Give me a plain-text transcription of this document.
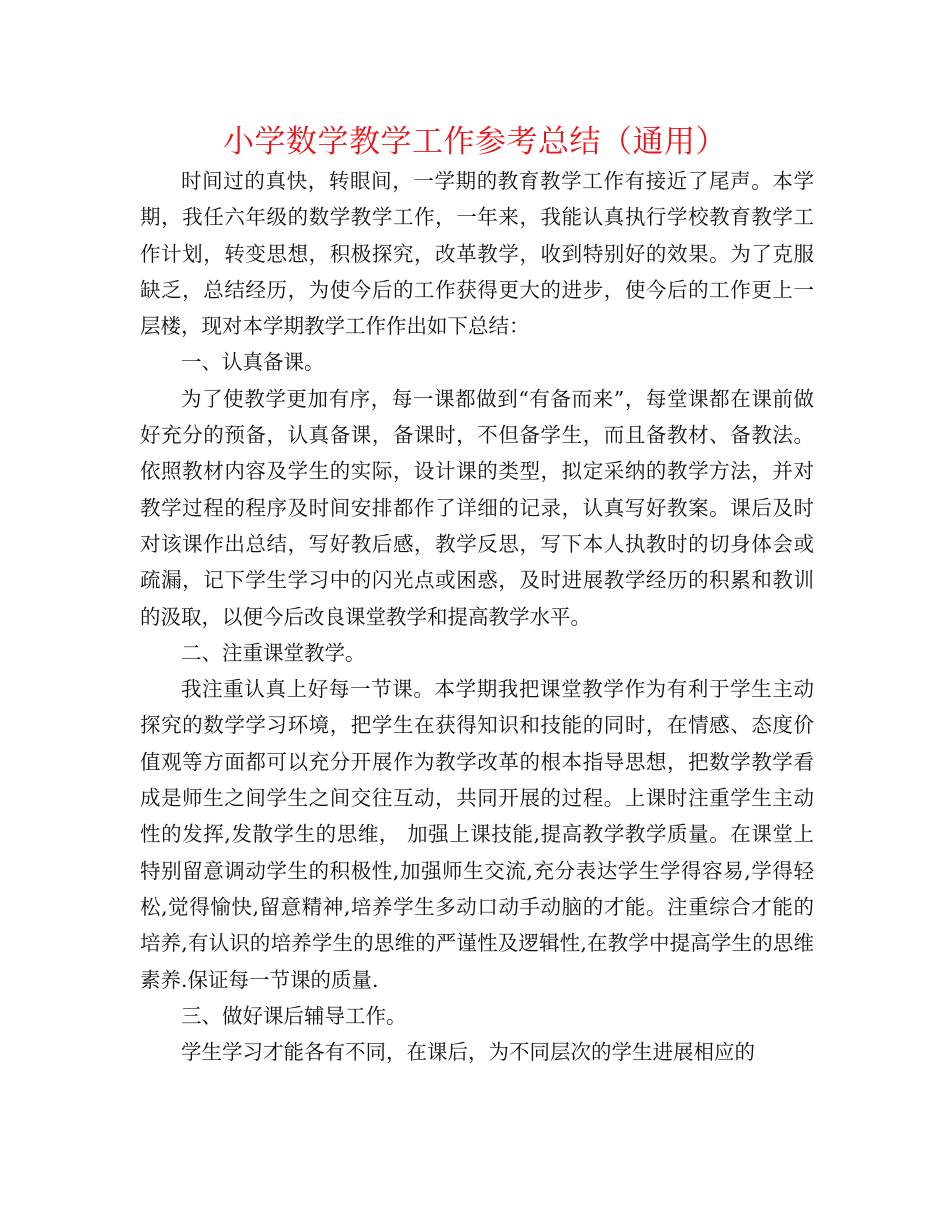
小学数学教学工作参考总结（通用）

时间过的真快，转眼间，一学期的教育教学工作有接近了尾声。本学期，我任六年级的数学教学工作，一年来，我能认真执行学校教育教学工作计划，转变思想，积极探究，改革教学，收到特别好的效果。为了克服缺乏，总结经历，为使今后的工作获得更大的进步，使今后的工作更上一层楼，现对本学期教学工作作出如下总结：

一、认真备课。

为了使教学更加有序，每一课都做到“有备而来”，每堂课都在课前做好充分的预备，认真备课，备课时，不但备学生，而且备教材、备教法。依照教材内容及学生的实际，设计课的类型，拟定采纳的教学方法，并对教学过程的程序及时间安排都作了详细的记录，认真写好教案。课后及时对该课作出总结，写好教后感，教学反思，写下本人执教时的切身体会或疏漏，记下学生学习中的闪光点或困惑，及时进展教学经历的积累和教训的汲取，以便今后改良课堂教学和提高教学水平。

二、注重课堂教学。

我注重认真上好每一节课。本学期我把课堂教学作为有利于学生主动探究的数学学习环境，把学生在获得知识和技能的同时，在情感、态度价值观等方面都可以充分开展作为教学改革的根本指导思想，把数学教学看成是师生之间学生之间交往互动，共同开展的过程。上课时注重学生主动性的发挥,发散学生的思维， 加强上课技能,提高教学教学质量。在课堂上特别留意调动学生的积极性,加强师生交流,充分表达学生学得容易,学得轻松,觉得愉快,留意精神,培养学生多动口动手动脑的才能。注重综合才能的培养,有认识的培养学生的思维的严谨性及逻辑性,在教学中提高学生的思维素养.保证每一节课的质量.

三、做好课后辅导工作。

学生学习才能各有不同，在课后，为不同层次的学生进展相应的
